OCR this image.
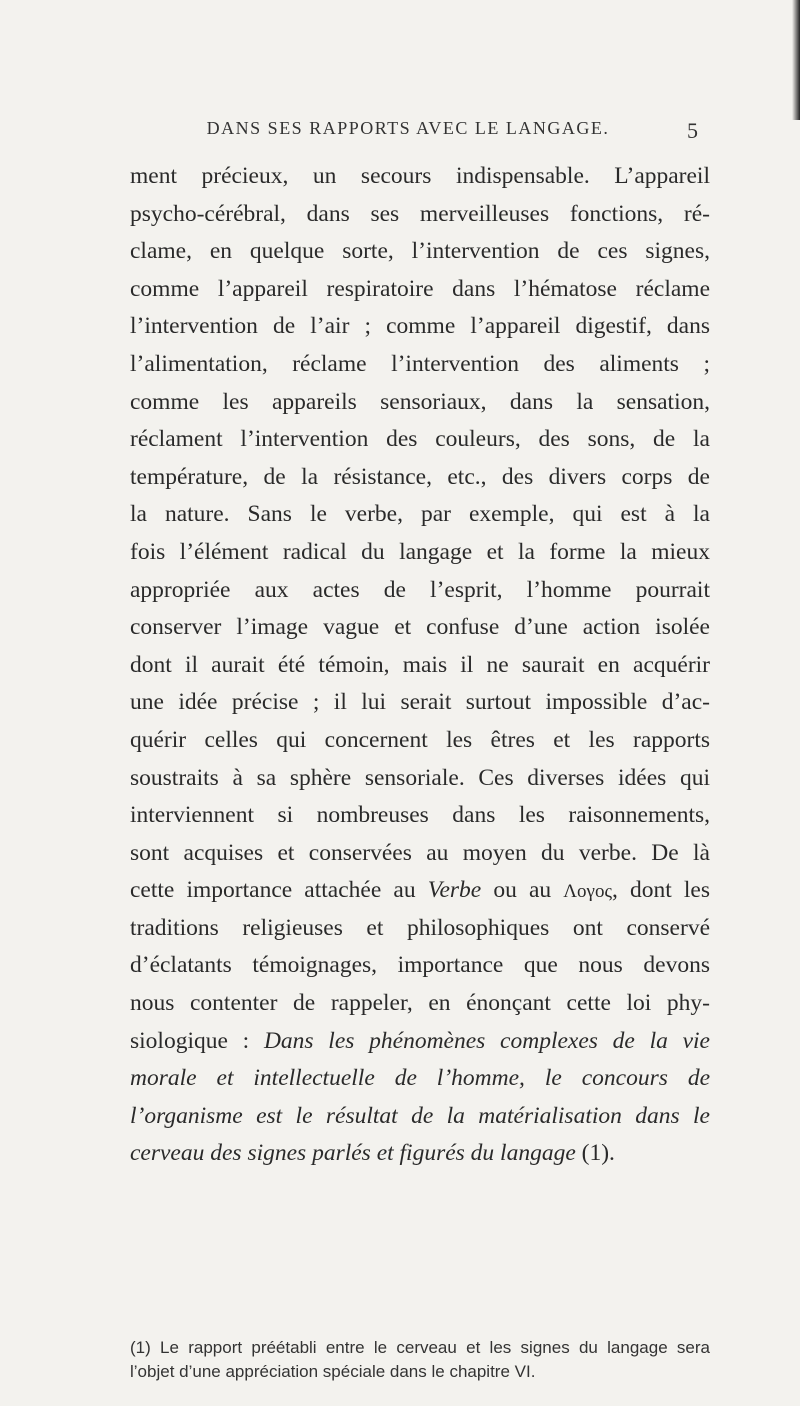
DANS SES RAPPORTS AVEC LE LANGAGE.	5
ment précieux, un secours indispensable. L’appareil
psycho-cérébral, dans ses merveilleuses fonctions, ré-
clame, en quelque sorte, l’intervention de ces signes,
comme l’appareil respiratoire dans l’hématose réclame
l’intervention de l’air ; comme l’appareil digestif, dans
l’alimentation, réclame l’intervention des aliments ;
comme les appareils sensoriaux, dans la sensation,
réclament l’intervention des couleurs, des sons, de la
température, de la résistance, etc., des divers corps de
la nature. Sans le verbe, par exemple, qui est à la
fois l’élément radical du langage et la forme la mieux
appropriée aux actes de l’esprit, l’homme pourrait
conserver l’image vague et confuse d’une action isolée
dont il aurait été témoin, mais il ne saurait en acquérir
une idée précise ; il lui serait surtout impossible d’ac-
quérir celles qui concernent les êtres et les rapports
soustraits à sa sphère sensoriale. Ces diverses idées qui
interviennent si nombreuses dans les raisonnements,
sont acquises et conservées au moyen du verbe. De là
cette importance attachée au Verbe ou au Λογος, dont les
traditions religieuses et philosophiques ont conservé
d’éclatants témoignages, importance que nous devons
nous contenter de rappeler, en énonçant cette loi phy-
siologique : Dans les phénomènes complexes de la vie
morale et intellectuelle de l’homme, le concours de
l’organisme est le résultat de la matérialisation dans le
cerveau des signes parlés et figurés du langage (1).
(1) Le rapport préétabli entre le cerveau et les signes du langage sera
l’objet d’une appréciation spéciale dans le chapitre VI.
